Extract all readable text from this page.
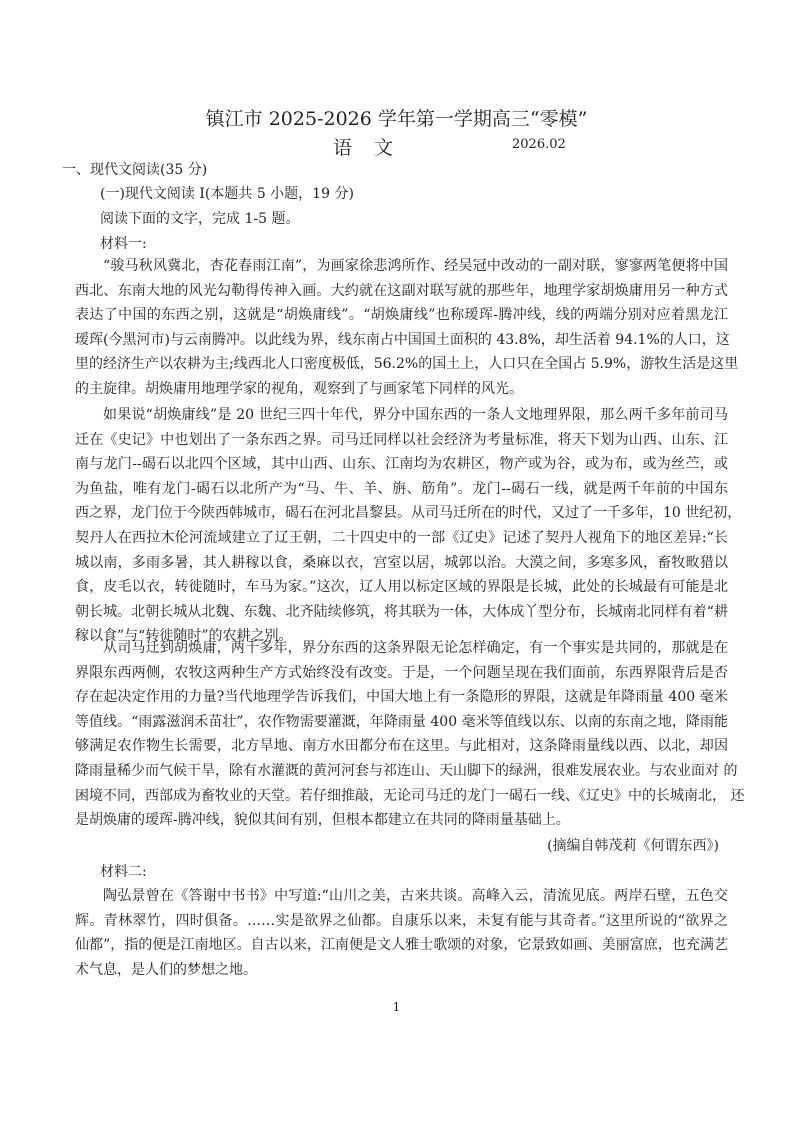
镇江市 2025-2026 学年第一学期高三“零模”
语 文	2026.02
一、现代文阅读(35 分)
(一)现代文阅读 I(本题共 5 小题，19 分)
阅读下面的文字，完成 1-5 题。
材料一:
“骏马秋风冀北，杏花春雨江南”，为画家徐悲鸿所作、经吴冠中改动的一副对联，寥寥两笔便将中国
西北、东南大地的风光勾勒得传神入画。大约就在这副对联写就的那些年，地理学家胡焕庸用另一种方式
表达了中国的东西之别，这就是“胡焕庸线”。“胡焕庸线”也称瑷珲-腾冲线，线的两端分别对应着黑龙江
瑷珲(今黑河市)与云南腾冲。以此线为界，线东南占中国国土面积的 43.8%，却生活着 94.1%的人口，这
里的经济生产以农耕为主;线西北人口密度极低，56.2%的国土上，人口只在全国占 5.9%，游牧生活是这里
的主旋律。胡焕庸用地理学家的视角，观察到了与画家笔下同样的风光。
如果说“胡焕庸线”是 20 世纪三四十年代，界分中国东西的一条人文地理界限，那么两千多年前司马
迁在《史记》中也划出了一条东西之界。司马迁同样以社会经济为考量标准，将天下划为山西、山东、江
南与龙门--碣石以北四个区域，其中山西、山东、江南均为农耕区，物产或为谷，或为布，或为丝苎，或
为鱼盐，唯有龙门-碣石以北所产为“马、牛、羊、旃、筋角”。龙门--碣石一线，就是两千年前的中国东
西之界，龙门位于今陕西韩城市，碣石在河北昌黎县。从司马迁所在的时代，又过了一千多年，10 世纪初，
契丹人在西拉木伦河流域建立了辽王朝，二十四史中的一部《辽史》记述了契丹人视角下的地区差异:“长
城以南，多雨多暑，其人耕稼以食，桑麻以衣，宫室以居，城郭以治。大漠之间，多寒多风，畜牧畋猎以
食，皮毛以衣，转徙随时，车马为家。”这次，辽人用以标定区域的界限是长城，此处的长城最有可能是北
朝长城。北朝长城从北魏、东魏、北齐陆续修筑，将其联为一体，大体成丫型分布，长城南北同样有着“耕
稼以食”与“转徙随时”的农耕之别。
从司马迁到胡焕庸，两千多年，界分东西的这条界限无论怎样确定，有一个事实是共同的，那就是在
界限东西两侧，农牧这两种生产方式始终没有改变。于是，一个问题呈现在我们面前，东西界限背后是否
存在起决定作用的力量?当代地理学告诉我们，中国大地上有一条隐形的界限，这就是年降雨量 400 毫米
等值线。“雨露滋润禾苗壮”，农作物需要灌溉，年降雨量 400 毫米等值线以东、以南的东南之地，降雨能
够满足农作物生长需要，北方旱地、南方水田都分布在这里。与此相对，这条降雨量线以西、以北，却因
降雨量稀少而气候干旱，除有水灌溉的黄河河套与祁连山、天山脚下的绿洲，很难发展农业。与农业面对 的
困境不同，西部成为畜牧业的天堂。若仔细推敲，无论司马迁的龙门一碣石一线、《辽史》中的长城南北， 还
是胡焕庸的瑷珲-腾冲线，貌似其间有别，但根本都建立在共同的降雨量基础上。
(摘编自韩茂莉《何谓东西》)
材料二:
陶弘景曾在《答谢中书书》中写道:“山川之美，古来共谈。高峰入云，清流见底。两岸石壁，五色交
辉。青林翠竹，四时俱备。……实是欲界之仙都。自康乐以来，未复有能与其奇者。”这里所说的“欲界之
仙都”，指的便是江南地区。自古以来，江南便是文人雅士歌颂的对象，它景致如画、美丽富庶，也充满艺
术气息，是人们的梦想之地。
1
